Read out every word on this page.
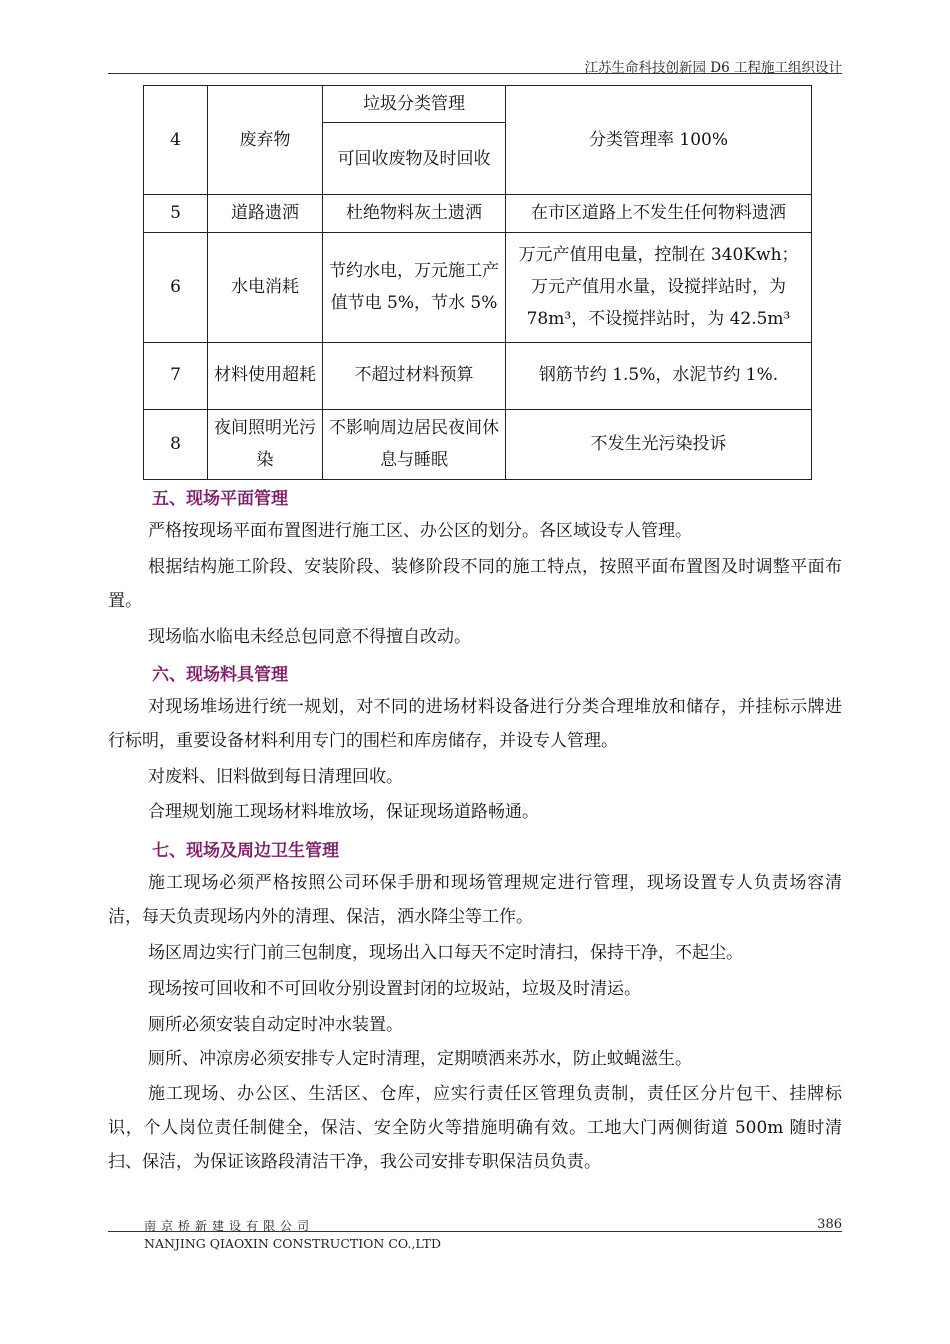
江苏生命科技创新园 D6 工程施工组织设计
4	废弃物	垃圾分类管理	分类管理率 100%
		可回收废物及时回收	
5	道路遗洒	杜绝物料灰土遗洒	在市区道路上不发生任何物料遗洒
6	水电消耗	节约水电，万元施工产值节电 5%，节水 5%	万元产值用电量，控制在 340Kwh；万元产值用水量，设搅拌站时，为 78m³，不设搅拌站时，为 42.5m³
7	材料使用超耗	不超过材料预算	钢筋节约 1.5%，水泥节约 1%.
8	夜间照明光污染	不影响周边居民夜间休息与睡眠	不发生光污染投诉
五、现场平面管理
严格按现场平面布置图进行施工区、办公区的划分。各区域设专人管理。
根据结构施工阶段、安装阶段、装修阶段不同的施工特点，按照平面布置图及时调整平面布置。
现场临水临电未经总包同意不得擅自改动。
六、现场料具管理
对现场堆场进行统一规划，对不同的进场材料设备进行分类合理堆放和储存，并挂标示牌进行标明，重要设备材料利用专门的围栏和库房储存，并设专人管理。
对废料、旧料做到每日清理回收。
合理规划施工现场材料堆放场，保证现场道路畅通。
七、现场及周边卫生管理
施工现场必须严格按照公司环保手册和现场管理规定进行管理，现场设置专人负责场容清洁，每天负责现场内外的清理、保洁，洒水降尘等工作。
场区周边实行门前三包制度，现场出入口每天不定时清扫，保持干净，不起尘。
现场按可回收和不可回收分别设置封闭的垃圾站，垃圾及时清运。
厕所必须安装自动定时冲水装置。
厕所、冲凉房必须安排专人定时清理，定期喷洒来苏水，防止蚊蝇滋生。
施工现场、办公区、生活区、仓库，应实行责任区管理负责制，责任区分片包干、挂牌标识，个人岗位责任制健全，保洁、安全防火等措施明确有效。工地大门两侧街道 500m 随时清扫、保洁，为保证该路段清洁干净，我公司安排专职保洁员负责。
南京桥新建设有限公司	386
NANJING QIAOXIN CONSTRUCTION CO.,LTD
